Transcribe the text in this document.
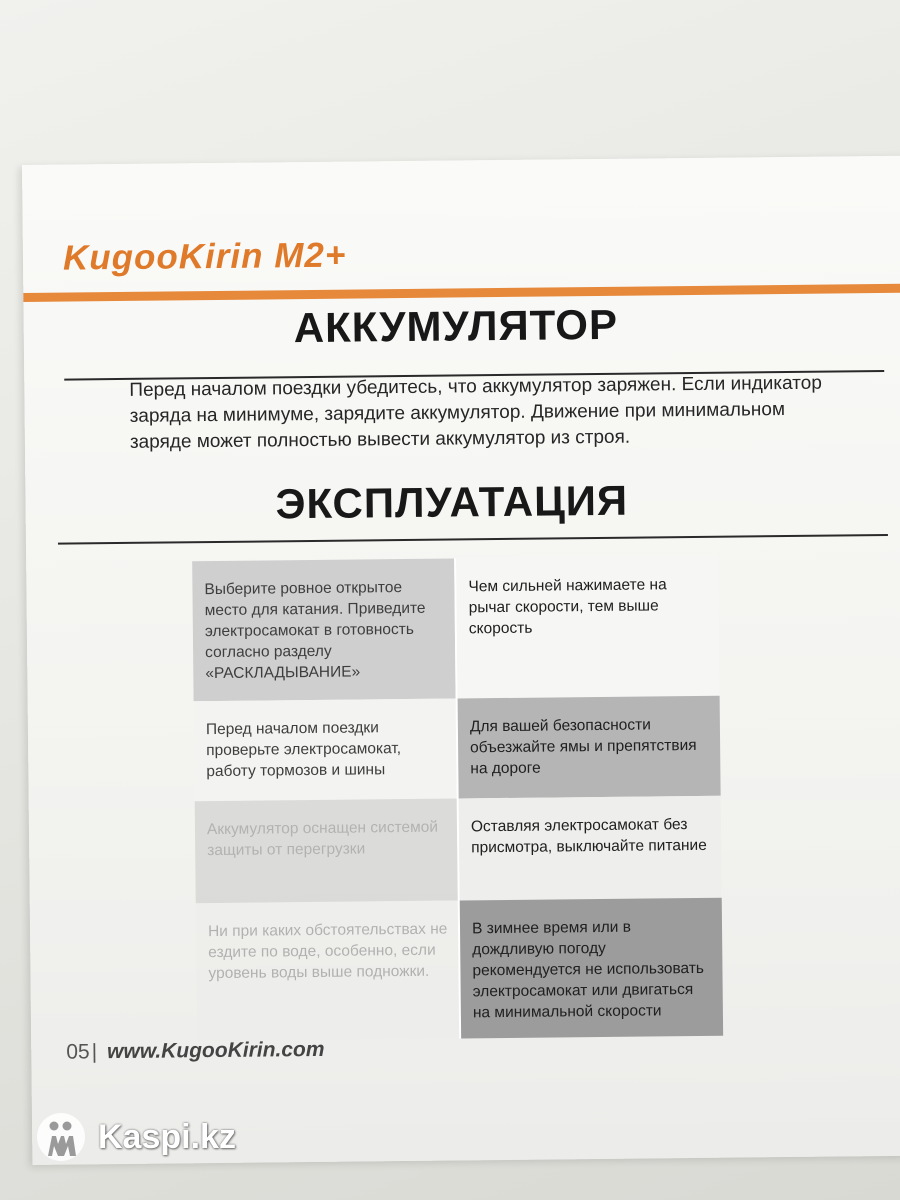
KugooKirin M2+

АККУМУЛЯТОР

Перед началом поездки убедитесь, что аккумулятор заряжен. Если индикатор заряда на минимуме, зарядите аккумулятор. Движение при минимальном заряде может полностью вывести аккумулятор из строя.

ЭКСПЛУАТАЦИЯ
Выберите ровное открытое место для катания. Приведите электросамокат в готовность согласно разделу «РАСКЛАДЫВАНИЕ»
Чем сильней нажимаете на рычаг скорости, тем выше скорость
Перед началом поездки проверьте электросамокат, работу тормозов и шины
Для вашей безопасности объезжайте ямы и препятствия на дороге
Аккумулятор оснащен системой защиты от перегрузки
Оставляя электросамокат без присмотра, выключайте питание
Ни при каких обстоятельствах не ездите по воде, особенно, если уровень воды выше подножки.
В зимнее время или в дождливую погоду рекомендуется не использовать электросамокат или двигаться на минимальной скорости

05| www.KugooKirin.com

Kaspi.kz
